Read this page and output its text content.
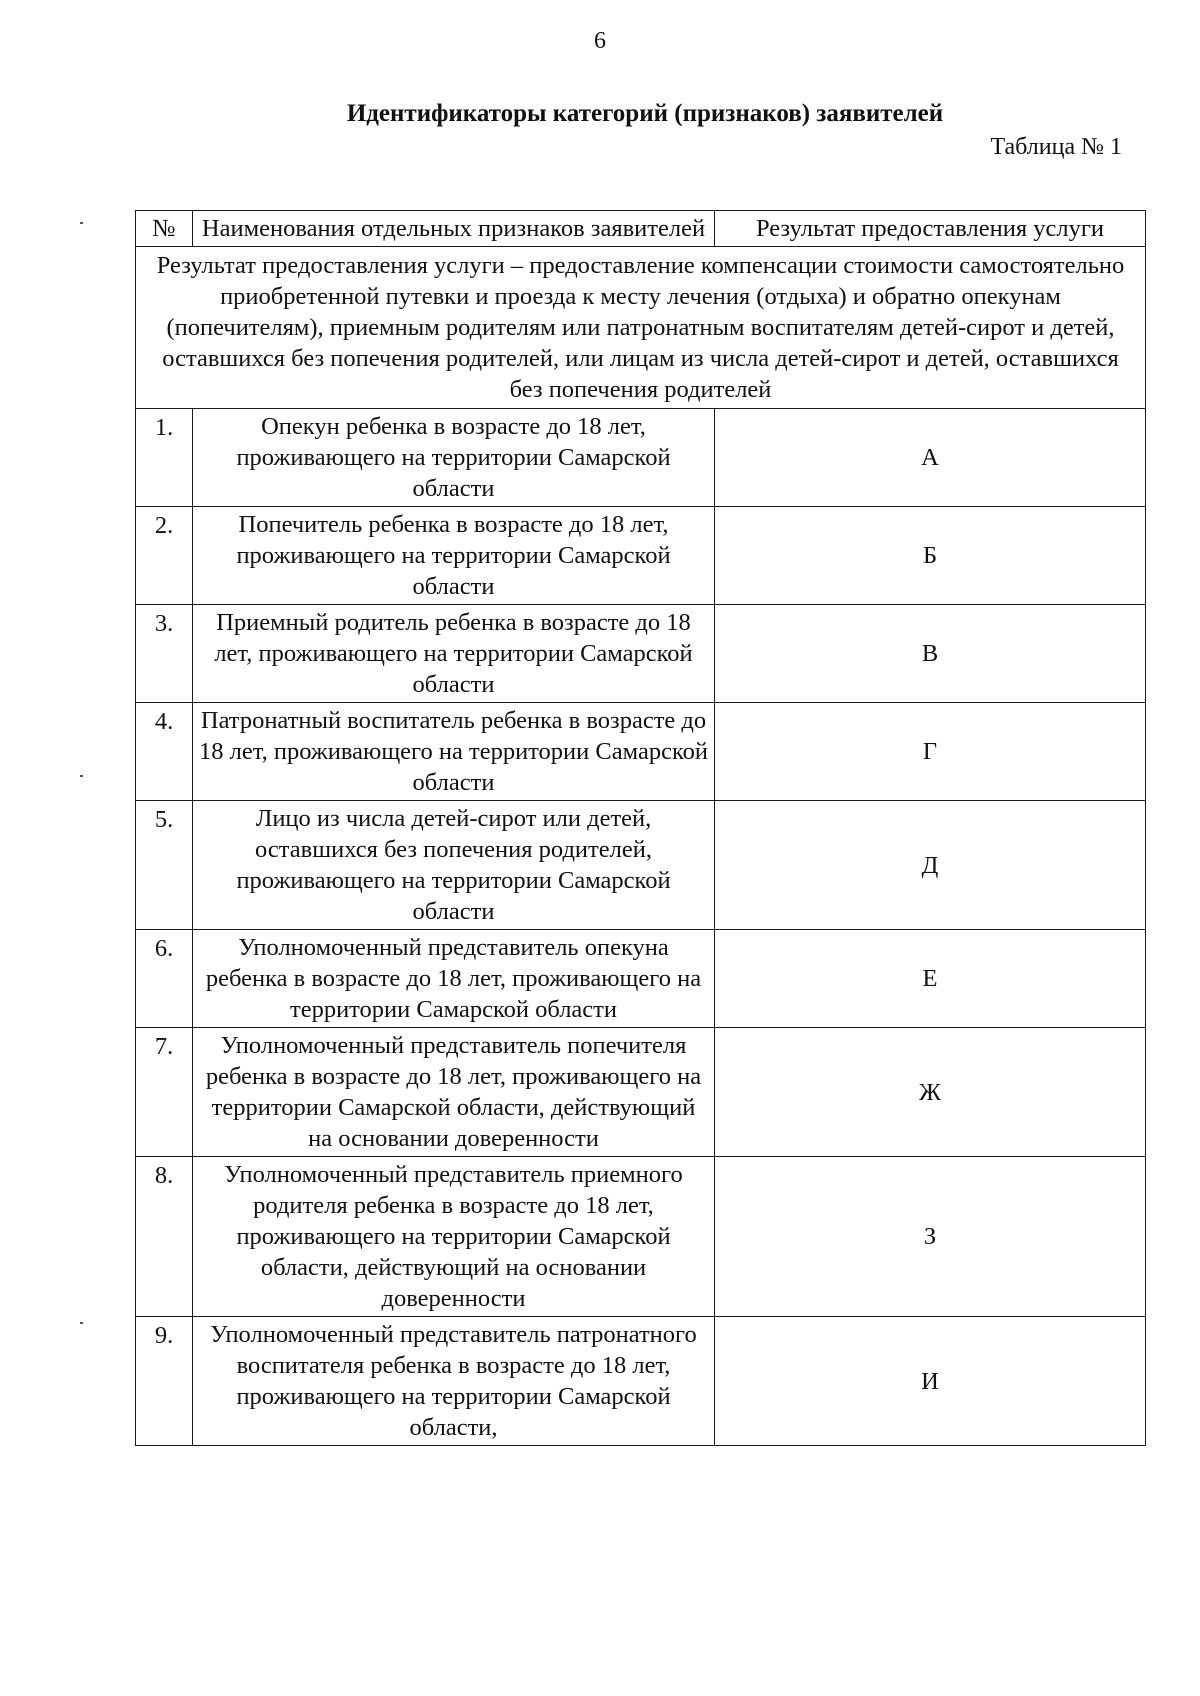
6
Идентификаторы категорий (признаков) заявителей
Таблица № 1
№	Наименования отдельных признаков заявителей	Результат предоставления услуги
Результат предоставления услуги – предоставление компенсации стоимости самостоятельно приобретенной путевки и проезда к месту лечения (отдыха) и обратно опекунам (попечителям), приемным родителям или патронатным воспитателям детей-сирот и детей, оставшихся без попечения родителей, или лицам из числа детей-сирот и детей, оставшихся без попечения родителей		
1.	Опекун ребенка в возрасте до 18 лет, проживающего на территории Самарской области	А
2.	Попечитель ребенка в возрасте до 18 лет, проживающего на территории Самарской области	Б
3.	Приемный родитель ребенка в возрасте до 18 лет, проживающего на территории Самарской области	В
4.	Патронатный воспитатель ребенка в возрасте до 18 лет, проживающего на территории Самарской области	Г
5.	Лицо из числа детей-сирот или детей, оставшихся без попечения родителей, проживающего на территории Самарской области	Д
6.	Уполномоченный представитель опекуна ребенка в возрасте до 18 лет, проживающего на территории Самарской области	Е
7.	Уполномоченный представитель попечителя ребенка в возрасте до 18 лет, проживающего на территории Самарской области, действующий на основании доверенности	Ж
8.	Уполномоченный представитель приемного родителя ребенка в возрасте до 18 лет, проживающего на территории Самарской области, действующий на основании доверенности	З
9.	Уполномоченный представитель патронатного воспитателя ребенка в возрасте до 18 лет, проживающего на территории Самарской области,	И
